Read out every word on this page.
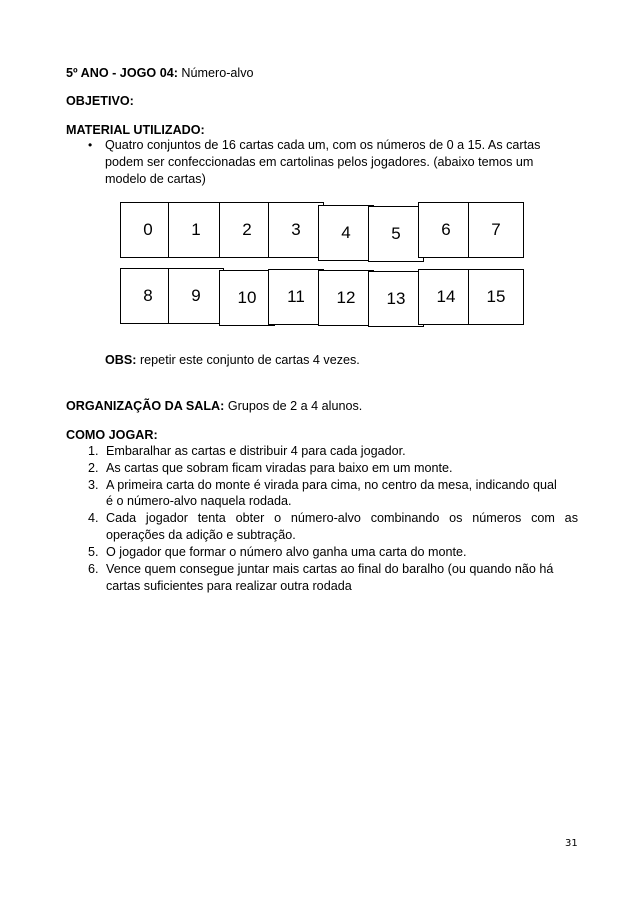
5º ANO - JOGO 04: Número-alvo
OBJETIVO:
MATERIAL UTILIZADO:
• Quatro conjuntos de 16 cartas cada um, com os números de 0 a 15. As cartas
podem ser confeccionadas em cartolinas pelos jogadores. (abaixo temos um
modelo de cartas)
0	1	2	3	4	5	6	7
8	9	10	11	12	13	14	15
OBS: repetir este conjunto de cartas 4 vezes.
ORGANIZAÇÃO DA SALA: Grupos de 2 a 4 alunos.
COMO JOGAR:
1. Embaralhar as cartas e distribuir 4 para cada jogador.
2. As cartas que sobram ficam viradas para baixo em um monte.
3. A primeira carta do monte é virada para cima, no centro da mesa, indicando qual
é o número-alvo naquela rodada.
4. Cada jogador tenta obter o número-alvo combinando os números com as
operações da adição e subtração.
5. O jogador que formar o número alvo ganha uma carta do monte.
6. Vence quem consegue juntar mais cartas ao final do baralho (ou quando não há
cartas suficientes para realizar outra rodada
31
